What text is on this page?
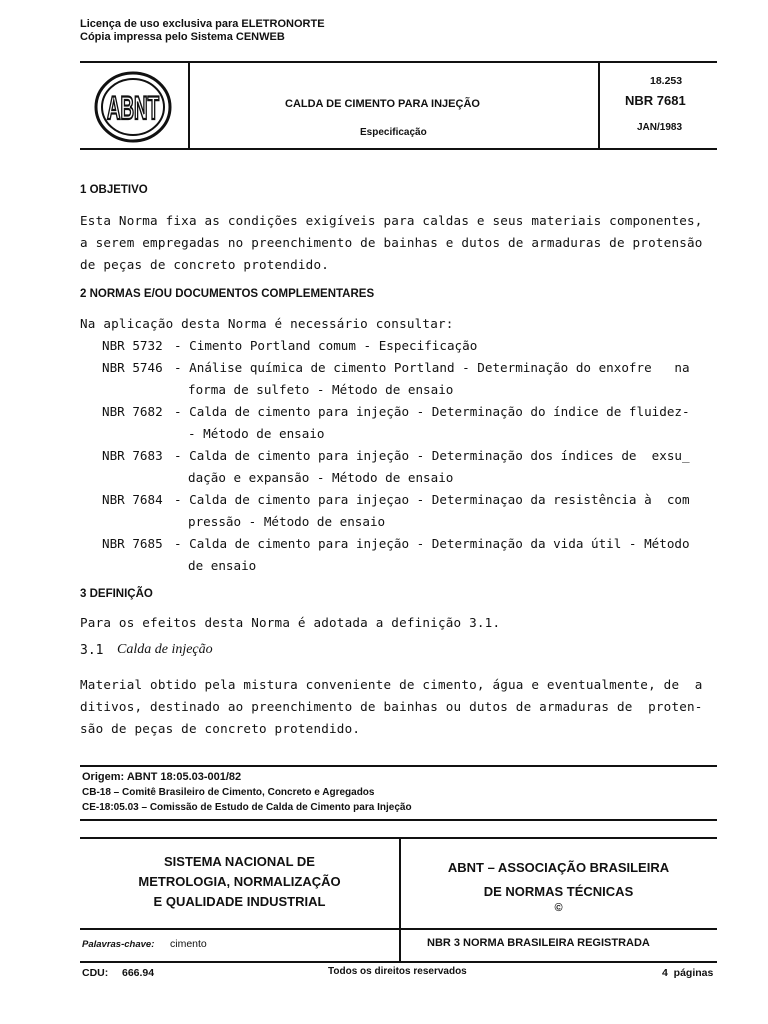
Licença de uso exclusiva para ELETRONORTE
Cópia impressa pelo Sistema CENWEB
ABNT	CALDA DE CIMENTO PARA INJEÇÃO
Especificação
18.253
NBR 7681
JAN/1983
1 OBJETIVO
Esta Norma fixa as condições exigíveis para caldas e seus materiais componentes,
a serem empregadas no preenchimento de bainhas e dutos de armaduras de protensão
de peças de concreto protendido.
2 NORMAS E/OU DOCUMENTOS COMPLEMENTARES
Na aplicação desta Norma é necessário consultar:
NBR 5732 - Cimento Portland comum - Especificação
NBR 5746 - Análise química de cimento Portland - Determinação do enxofre   na
forma de sulfeto - Método de ensaio
NBR 7682 - Calda de cimento para injeção - Determinação do índice de fluidez-
- Método de ensaio
NBR 7683 - Calda de cimento para injeção - Determinação dos índices de  exsu_
dação e expansão - Método de ensaio
NBR 7684 - Calda de cimento para injeçao - Determinaçao da resistência à  com
pressão - Método de ensaio
NBR 7685 - Calda de cimento para injeção - Determinação da vida útil - Método
de ensaio
3 DEFINIÇÃO
Para os efeitos desta Norma é adotada a definição 3.1.
3.1 Calda de injeção
Material obtido pela mistura conveniente de cimento, água e eventualmente, de  a
ditivos, destinado ao preenchimento de bainhas ou dutos de armaduras de  proten-
são de peças de concreto protendido.
Origem: ABNT 18:05.03-001/82
CB-18 – Comitê Brasileiro de Cimento, Concreto e Agregados
CE-18:05.03 – Comissão de Estudo de Calda de Cimento para Injeção
SISTEMA NACIONAL DE
METROLOGIA, NORMALIZAÇÃO
E QUALIDADE INDUSTRIAL
ABNT – ASSOCIAÇÃO BRASILEIRA
DE NORMAS TÉCNICAS
©
Palavras-chave: cimento	NBR 3 NORMA BRASILEIRA REGISTRADA
CDU: 666.94	Todos os direitos reservados	4  páginas
